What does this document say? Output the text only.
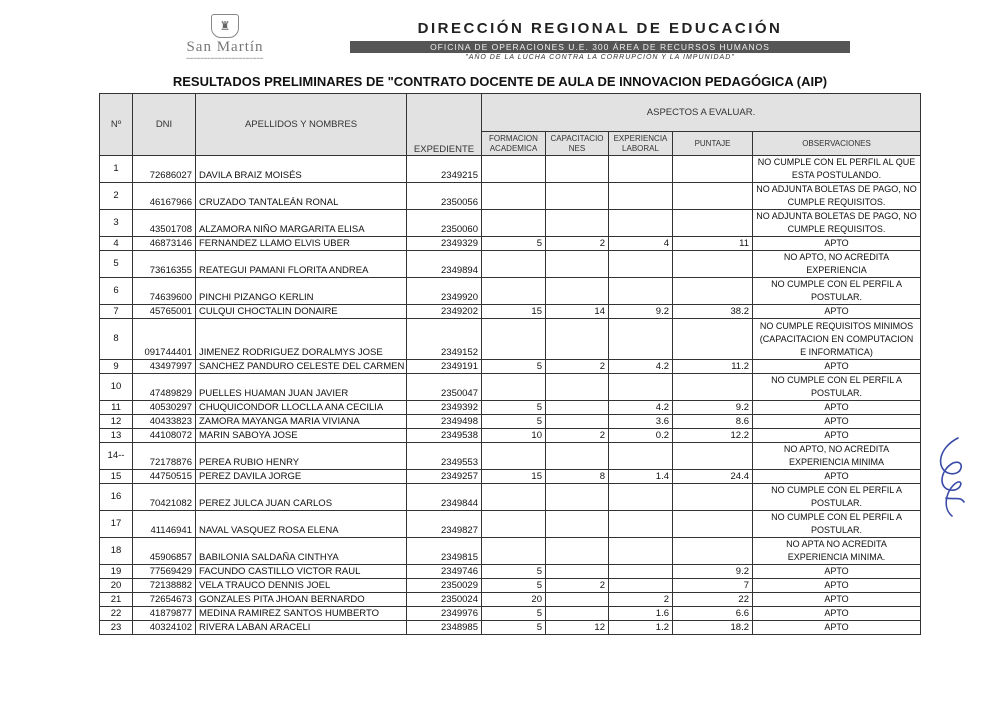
♜
San Martín
━━━━━━━━━━━━━━━━━━━━━━
DIRECCIÓN REGIONAL DE EDUCACIÓN
OFICINA DE OPERACIONES U.E. 300 ÁREA DE RECURSOS HUMANOS
"AÑO DE LA LUCHA CONTRA LA CORRUPCIÓN Y LA IMPUNIDAD"
RESULTADOS PRELIMINARES DE "CONTRATO DOCENTE DE AULA DE INNOVACION PEDAGÓGICA (AIP)
Nº	DNI	APELLIDOS Y NOMBRES	EXPEDIENTE	ASPECTOS A EVALUAR.				
				FORMACION ACADEMICA	CAPACITACIO NES	EXPERIENCIA LABORAL	PUNTAJE	OBSERVACIONES
1	72686027	DAVILA BRAIZ MOISÉS	2349215					NO CUMPLE CON EL PERFIL AL QUE ESTA POSTULANDO.
2	46167966	CRUZADO TANTALEÁN RONAL	2350056					NO ADJUNTA BOLETAS DE PAGO, NO CUMPLE REQUISITOS.
3	43501708	ALZAMORA NIÑO MARGARITA ELISA	2350060					NO ADJUNTA BOLETAS DE PAGO, NO CUMPLE REQUISITOS.
4	46873146	FERNANDEZ LLAMO ELVIS UBER	2349329	5	2	4	11	APTO
5	73616355	REATEGUI PAMANI FLORITA ANDREA	2349894					NO APTO, NO ACREDITA EXPERIENCIA
6	74639600	PINCHI PIZANGO KERLIN	2349920					NO CUMPLE CON EL PERFIL A POSTULAR.
7	45765001	CULQUI CHOCTALIN DONAIRE	2349202	15	14	9.2	38.2	APTO
8	091744401	JIMENEZ RODRIGUEZ DORALMYS JOSE	2349152					NO CUMPLE REQUISITOS MINIMOS (CAPACITACION EN COMPUTACION E INFORMATICA)
9	43497997	SANCHEZ PANDURO CELESTE DEL CARMEN	2349191	5	2	4.2	11.2	APTO
10	47489829	PUELLES HUAMAN JUAN JAVIER	2350047					NO CUMPLE CON EL PERFIL A POSTULAR.
11	40530297	CHUQUICONDOR LLOCLLA ANA CECILIA	2349392	5		4.2	9.2	APTO
12	40433823	ZAMORA MAYANGA MARIA VIVIANA	2349498	5		3.6	8.6	APTO
13	44108072	MARIN SABOYA JOSE	2349538	10	2	0.2	12.2	APTO
14--	72178876	PEREA RUBIO HENRY	2349553					NO APTO, NO ACREDITA EXPERIENCIA MINIMA
15	44750515	PEREZ DAVILA JORGE	2349257	15	8	1.4	24.4	APTO
16	70421082	PEREZ JULCA JUAN CARLOS	2349844					NO CUMPLE CON EL PERFIL A POSTULAR.
17	41146941	NAVAL VASQUEZ ROSA ELENA	2349827					NO CUMPLE CON EL PERFIL A POSTULAR.
18	45906857	BABILONIA SALDAÑA CINTHYA	2349815					NO APTA NO ACREDITA EXPERIENCIA MINIMA.
19	77569429	FACUNDO CASTILLO VICTOR RAUL	2349746	5			9.2	APTO
20	72138882	VELA TRAUCO DENNIS JOEL	2350029	5	2		7	APTO
21	72654673	GONZALES PITA JHOAN BERNARDO	2350024	20		2	22	APTO
22	41879877	MEDINA RAMIREZ SANTOS HUMBERTO	2349976	5		1.6	6.6	APTO
23	40324102	RIVERA LABAN ARACELI	2348985	5	12	1.2	18.2	APTO
